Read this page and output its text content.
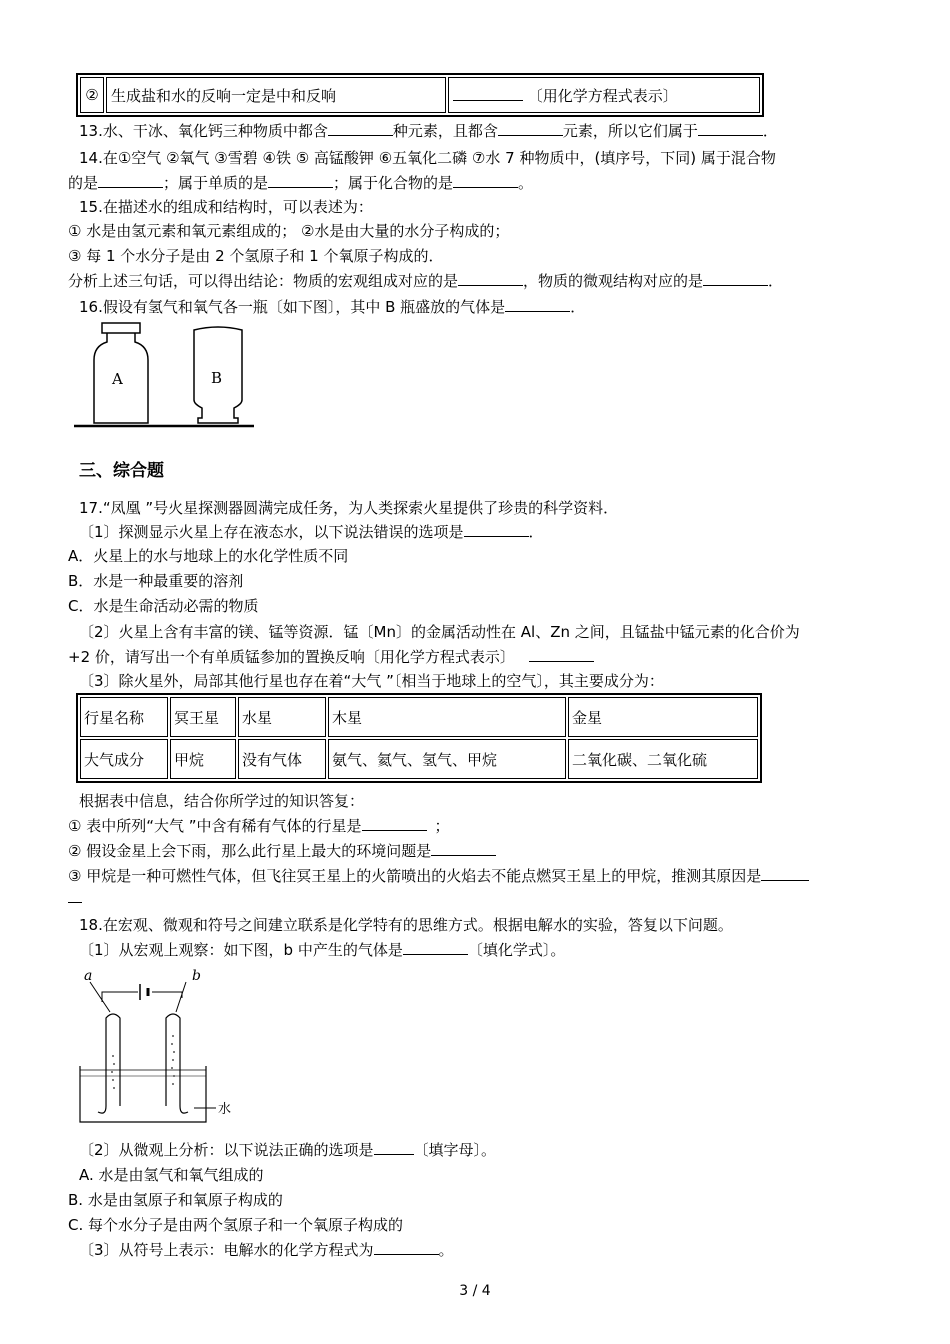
②	生成盐和水的反响一定是中和反响	〔用化学方程式表示〕
13.水、干冰、氧化钙三种物质中都含	种元素，且都含	元素，所以它们属于	．
14.在①空气 ②氧气 ③雪碧 ④铁 ⑤ 高锰酸钾 ⑥五氧化二磷 ⑦水 7 种物质中，(填序号，下同) 属于混合物
的是	；属于单质的是	；属于化合物的是	。
15.在描述水的组成和结构时，可以表述为：
① 水是由氢元素和氧元素组成的； ②水是由大量的水分子构成的；
③ 每 1 个水分子是由 2 个氢原子和 1 个氧原子构成的．
分析上述三句话，可以得出结论：物质的宏观组成对应的是	，物质的微观结构对应的是	．
16.假设有氢气和氧气各一瓶〔如下图〕，其中 B 瓶盛放的气体是	．
A	B
三、综合题
17.“凤凰 ”号火星探测器圆满完成任务，为人类探索火星提供了珍贵的科学资料．
〔1〕探测显示火星上存在液态水，以下说法错误的选项是	．
A．火星上的水与地球上的水化学性质不同
B．水是一种最重要的溶剂
C．水是生命活动必需的物质
〔2〕火星上含有丰富的镁、锰等资源．锰〔Mn〕的金属活动性在 Al、Zn 之间，且锰盐中锰元素的化合价为
+2 价，请写出一个有单质锰参加的置换反响〔用化学方程式表示〕
〔3〕除火星外，局部其他行星也存在着“大气 ”〔相当于地球上的空气〕，其主要成分为：
行星名称	冥王星	水星	木星	金星
大气成分	甲烷	没有气体	氨气、氦气、氢气、甲烷	二氧化碳、二氧化硫
根据表中信息，结合你所学过的知识答复：
① 表中所列“大气 ”中含有稀有气体的行星是	；
② 假设金星上会下雨，那么此行星上最大的环境问题是
③ 甲烷是一种可燃性气体，但飞往冥王星上的火箭喷出的火焰去不能点燃冥王星上的甲烷，推测其原因是
18.在宏观、微观和符号之间建立联系是化学特有的思维方式。根据电解水的实验，答复以下问题。
〔1〕从宏观上观察：如下图，b 中产生的气体是	〔填化学式〕。
a	b
水
〔2〕从微观上分析：以下说法正确的选项是	〔填字母〕。
A. 水是由氢气和氧气组成的
B. 水是由氢原子和氧原子构成的
C. 每个水分子是由两个氢原子和一个氧原子构成的
〔3〕从符号上表示：电解水的化学方程式为	。
3 / 4
